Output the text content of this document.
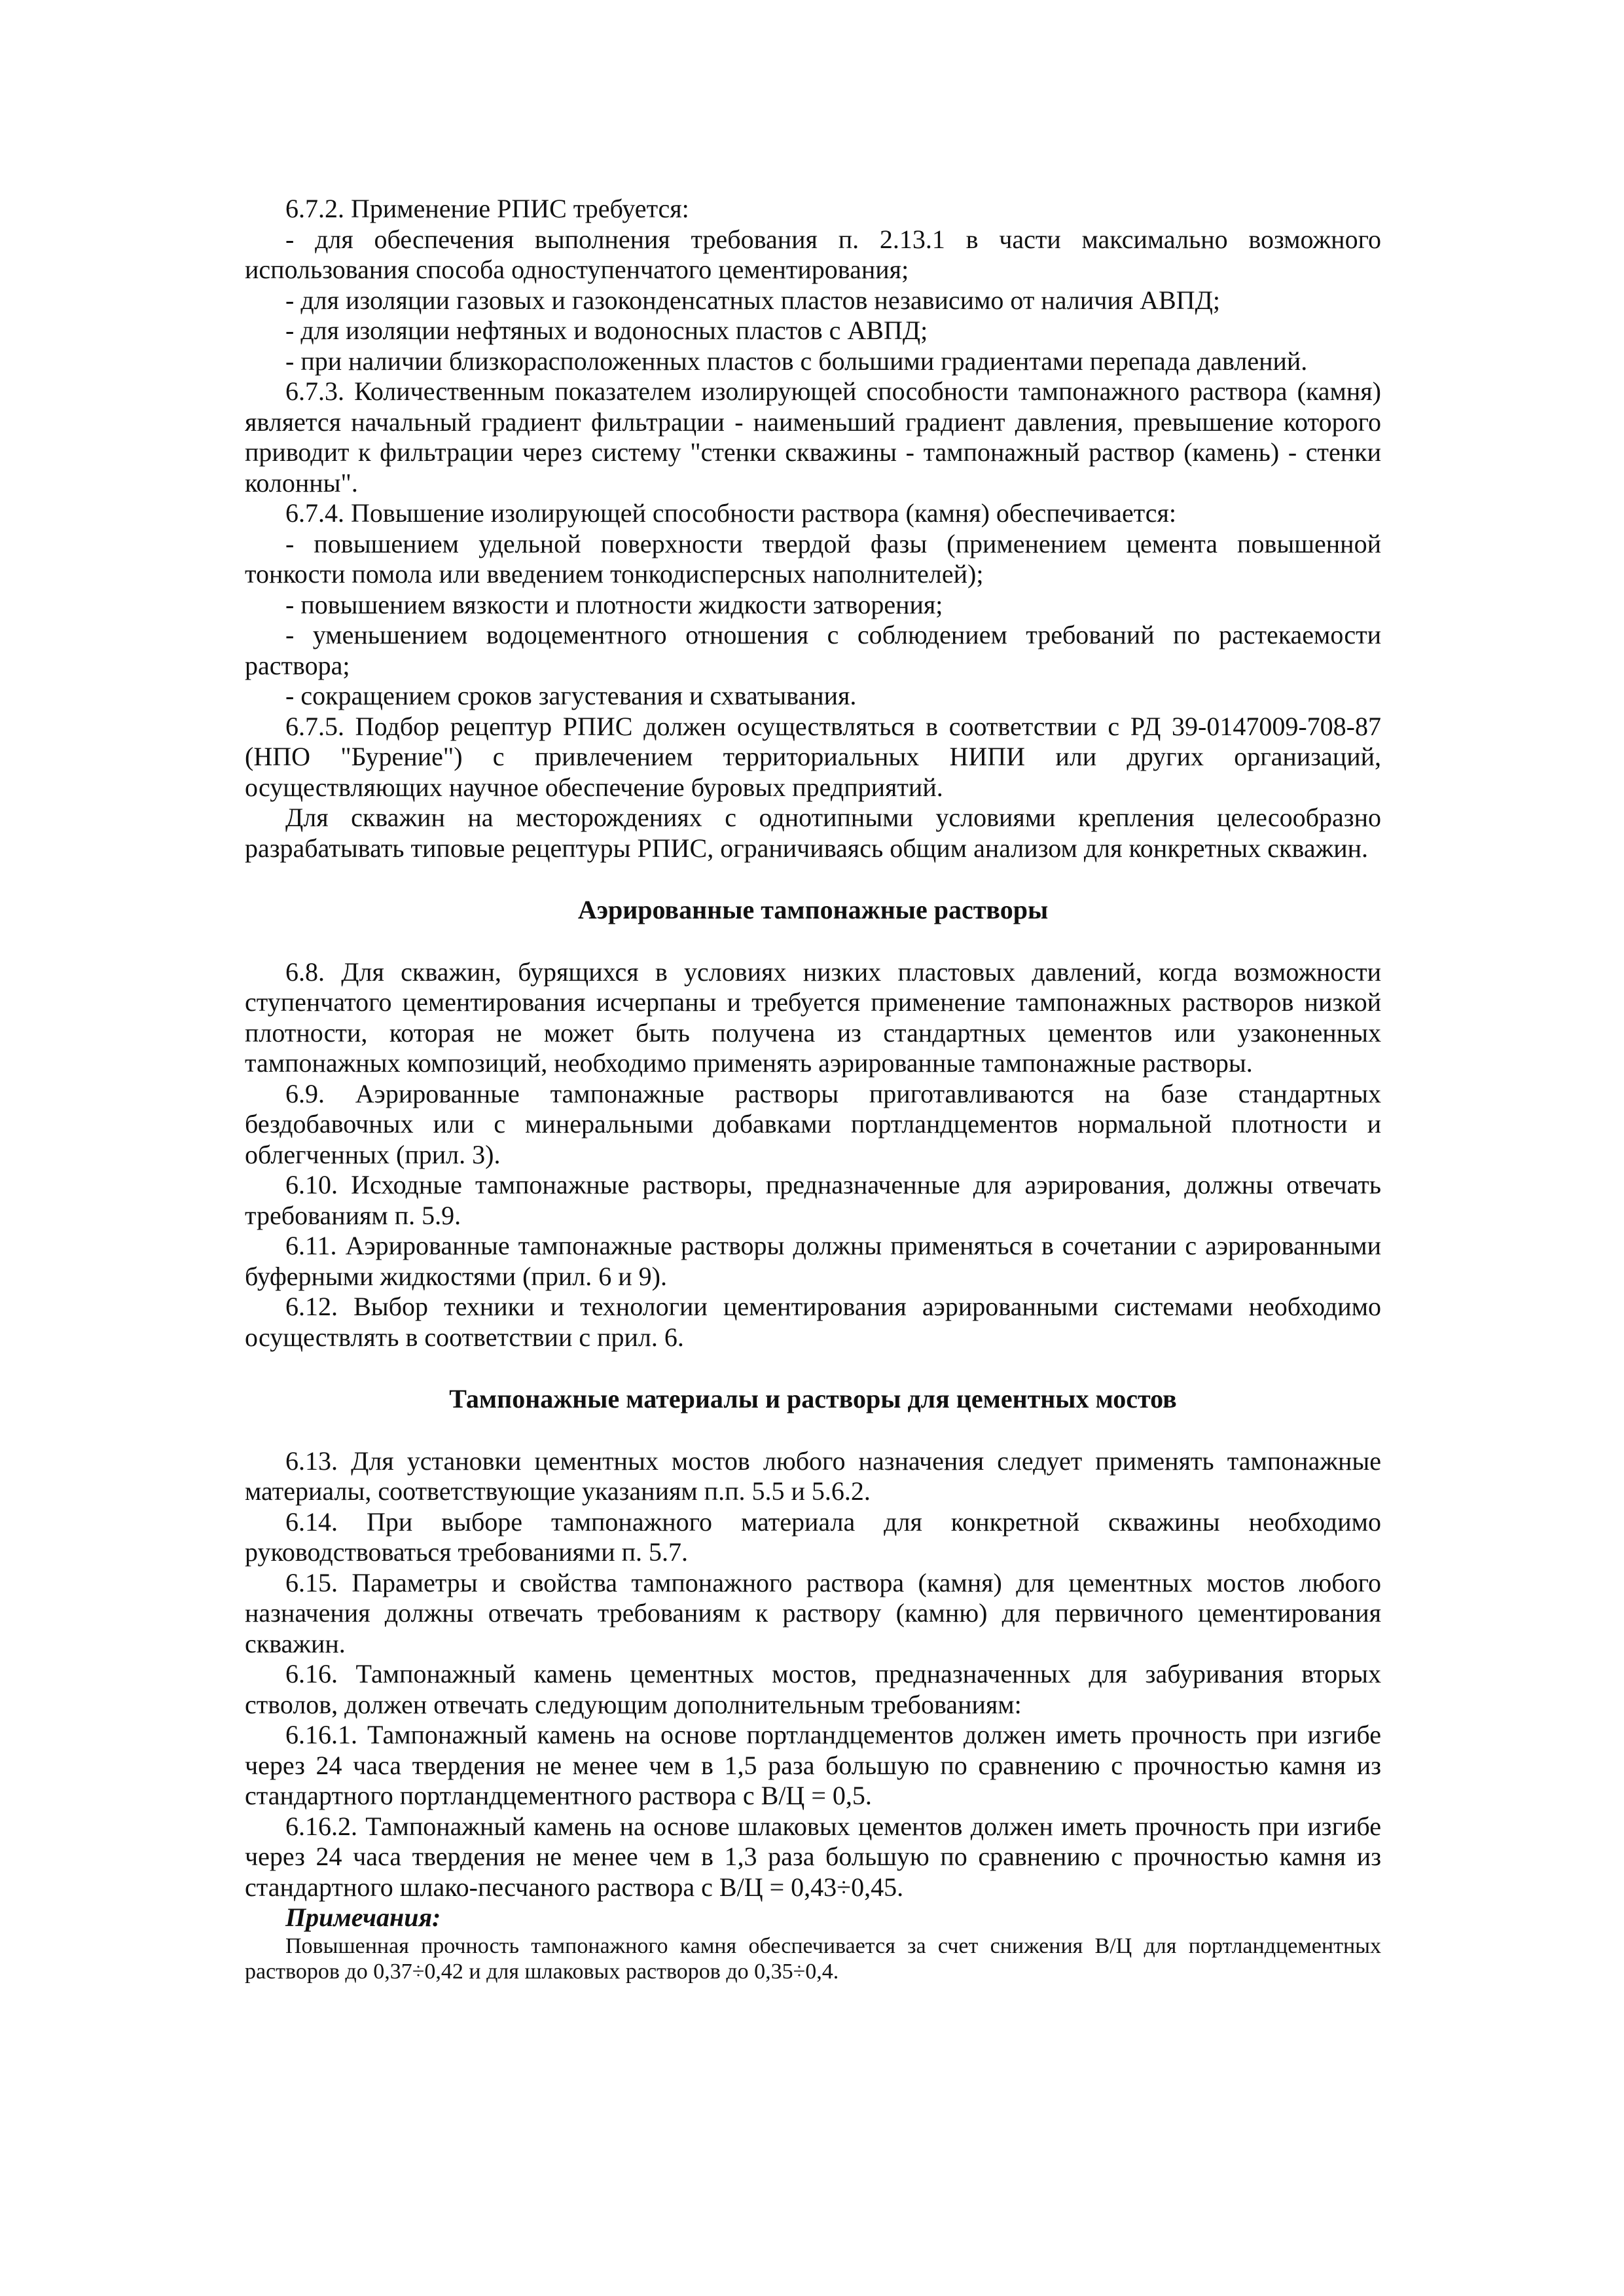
6.7.2. Применение РПИС требуется:

- для обеспечения выполнения требования п. 2.13.1 в части максимально возможного использования способа одноступенчатого цементирования;

- для изоляции газовых и газоконденсатных пластов независимо от наличия АВПД;

- для изоляции нефтяных и водоносных пластов с АВПД;

- при наличии близкорасположенных пластов с большими градиентами перепада давлений.

6.7.3. Количественным показателем изолирующей способности тампонажного раствора (камня) является начальный градиент фильтрации - наименьший градиент давления, превышение которого приводит к фильтрации через систему "стенки скважины - тампонажный раствор (камень) - стенки колонны".

6.7.4. Повышение изолирующей способности раствора (камня) обеспечивается:

- повышением удельной поверхности твердой фазы (применением цемента повышенной тонкости помола или введением тонкодисперсных наполнителей);

- повышением вязкости и плотности жидкости затворения;

- уменьшением водоцементного отношения с соблюдением требований по растекаемости раствора;

- сокращением сроков загустевания и схватывания.

6.7.5. Подбор рецептур РПИС должен осуществляться в соответствии с РД 39-0147009-708-87 (НПО "Бурение") с привлечением территориальных НИПИ или других организаций, осуществляющих научное обеспечение буровых предприятий.

Для скважин на месторождениях с однотипными условиями крепления целесообразно разрабатывать типовые рецептуры РПИС, ограничиваясь общим анализом для конкретных скважин.

Аэрированные тампонажные растворы

6.8. Для скважин, бурящихся в условиях низких пластовых давлений, когда возможности ступенчатого цементирования исчерпаны и требуется применение тампонажных растворов низкой плотности, которая не может быть получена из стандартных цементов или узаконенных тампонажных композиций, необходимо применять аэрированные тампонажные растворы.

6.9. Аэрированные тампонажные растворы приготавливаются на базе стандартных бездобавочных или с минеральными добавками портландцементов нормальной плотности и облегченных (прил. 3).

6.10. Исходные тампонажные растворы, предназначенные для аэрирования, должны отвечать требованиям п. 5.9.

6.11. Аэрированные тампонажные растворы должны применяться в сочетании с аэрированными буферными жидкостями (прил. 6 и 9).

6.12. Выбор техники и технологии цементирования аэрированными системами необходимо осуществлять в соответствии с прил. 6.

Тампонажные материалы и растворы для цементных мостов

6.13. Для установки цементных мостов любого назначения следует применять тампонажные материалы, соответствующие указаниям п.п. 5.5 и 5.6.2.

6.14. При выборе тампонажного материала для конкретной скважины необходимо руководствоваться требованиями п. 5.7.

6.15. Параметры и свойства тампонажного раствора (камня) для цементных мостов любого назначения должны отвечать требованиям к раствору (камню) для первичного цементирования скважин.

6.16. Тампонажный камень цементных мостов, предназначенных для забуривания вторых стволов, должен отвечать следующим дополнительным требованиям:

6.16.1. Тампонажный камень на основе портландцементов должен иметь прочность при изгибе через 24 часа твердения не менее чем в 1,5 раза большую по сравнению с прочностью камня из стандартного портландцементного раствора с В/Ц = 0,5.

6.16.2. Тампонажный камень на основе шлаковых цементов должен иметь прочность при изгибе через 24 часа твердения не менее чем в 1,3 раза большую по сравнению с прочностью камня из стандартного шлако-песчаного раствора с В/Ц = 0,43÷0,45.

Примечания:

Повышенная прочность тампонажного камня обеспечивается за счет снижения В/Ц для портландцементных растворов до 0,37÷0,42 и для шлаковых растворов до 0,35÷0,4.
